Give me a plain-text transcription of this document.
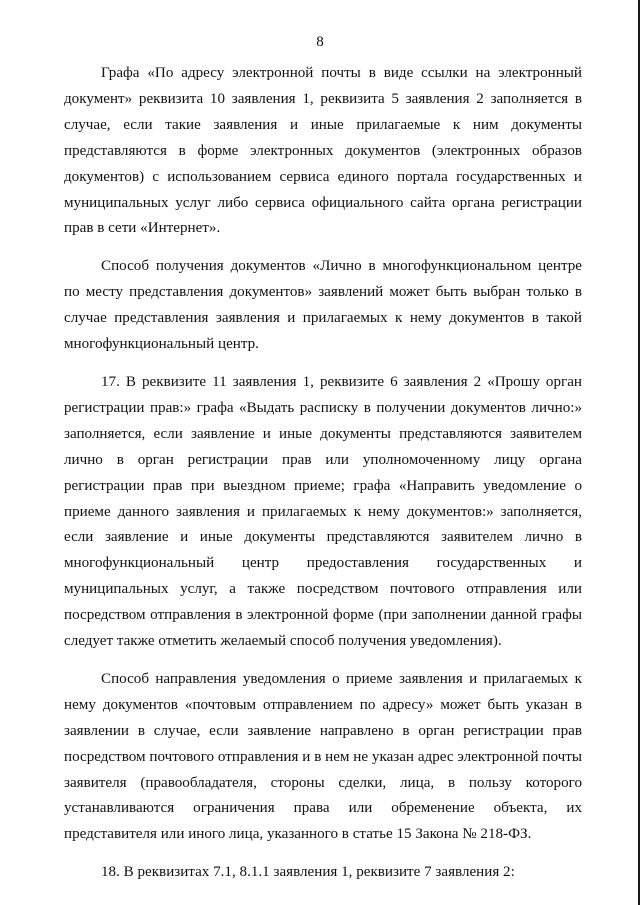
8

Графа «По адресу электронной почты в виде ссылки на электронный документ» реквизита 10 заявления 1, реквизита 5 заявления 2 заполняется в случае, если такие заявления и иные прилагаемые к ним документы представляются в форме электронных документов (электронных образов документов) с использованием сервиса единого портала государственных и муниципальных услуг либо сервиса официального сайта органа регистрации прав в сети «Интернет».

Способ получения документов «Лично в многофункциональном центре по месту представления документов» заявлений может быть выбран только в случае представления заявления и прилагаемых к нему документов в такой многофункциональный центр.

17. В реквизите 11 заявления 1, реквизите 6 заявления 2 «Прошу орган регистрации прав:» графа «Выдать расписку в получении документов лично:» заполняется, если заявление и иные документы представляются заявителем лично в орган регистрации прав или уполномоченному лицу органа регистрации прав при выездном приеме; графа «Направить уведомление о приеме данного заявления и прилагаемых к нему документов:» заполняется, если заявление и иные документы представляются заявителем лично в многофункциональный центр предоставления государственных и муниципальных услуг, а также посредством почтового отправления или посредством отправления в электронной форме (при заполнении данной графы следует также отметить желаемый способ получения уведомления).

Способ направления уведомления о приеме заявления и прилагаемых к нему документов «почтовым отправлением по адресу» может быть указан в заявлении в случае, если заявление направлено в орган регистрации прав посредством почтового отправления и в нем не указан адрес электронной почты заявителя (правообладателя, стороны сделки, лица, в пользу которого устанавливаются ограничения права или обременение объекта, их представителя или иного лица, указанного в статье 15 Закона № 218-ФЗ.

18. В реквизитах 7.1, 8.1.1 заявления 1, реквизите 7 заявления 2:
